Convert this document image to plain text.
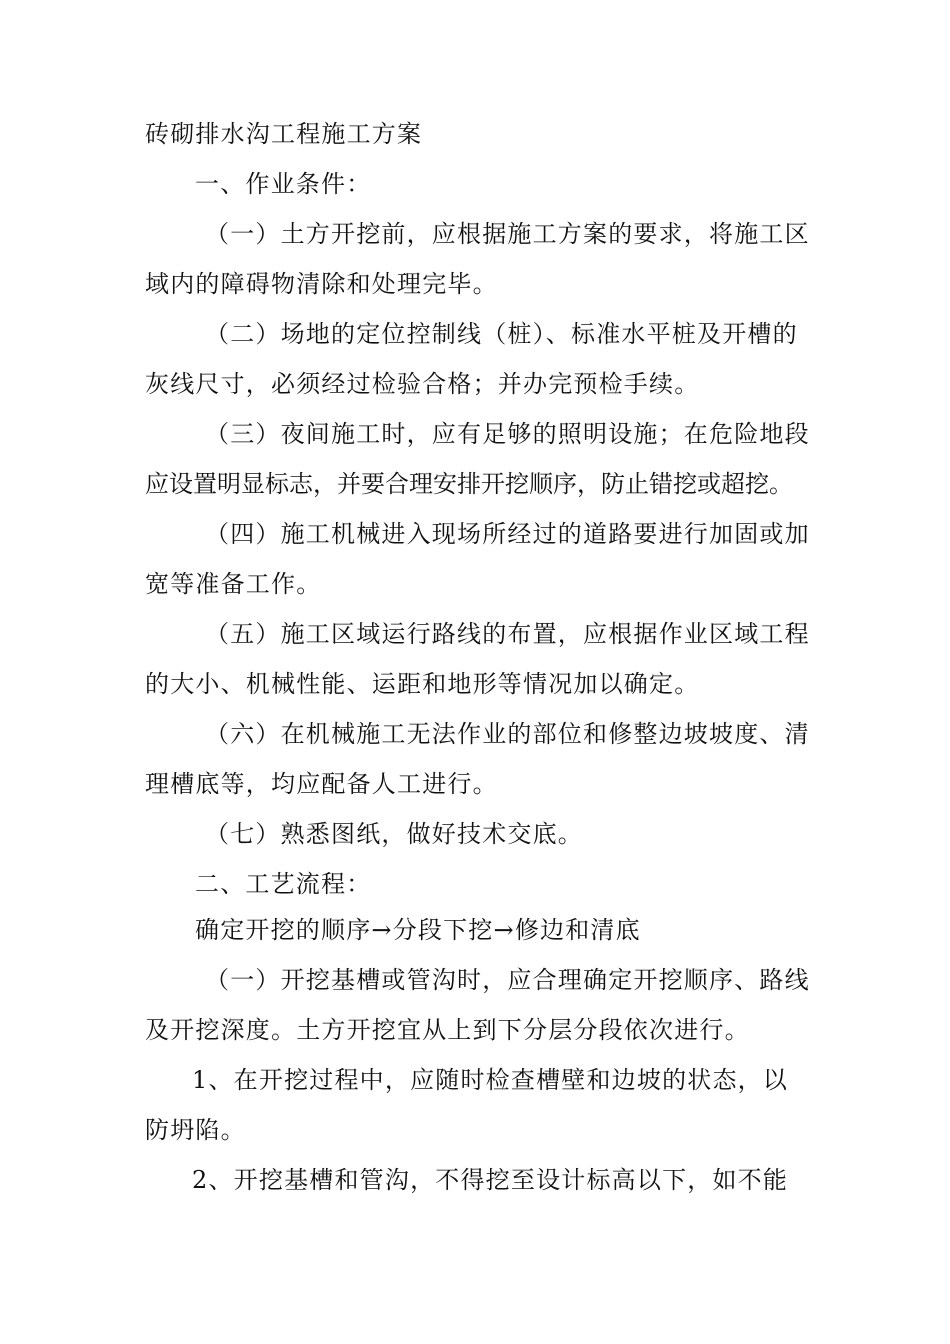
砖砌排水沟工程施工方案
一、作业条件：
（一）土方开挖前，应根据施工方案的要求，将施工区
域内的障碍物清除和处理完毕。
（二）场地的定位控制线（桩）、标准水平桩及开槽的
灰线尺寸，必须经过检验合格；并办完预检手续。
（三）夜间施工时，应有足够的照明设施；在危险地段
应设置明显标志，并要合理安排开挖顺序，防止错挖或超挖。
（四）施工机械进入现场所经过的道路要进行加固或加
宽等准备工作。
（五）施工区域运行路线的布置，应根据作业区域工程
的大小、机械性能、运距和地形等情况加以确定。
（六）在机械施工无法作业的部位和修整边坡坡度、清
理槽底等，均应配备人工进行。
（七）熟悉图纸，做好技术交底。
二、工艺流程：
确定开挖的顺序→分段下挖→修边和清底
（一）开挖基槽或管沟时，应合理确定开挖顺序、路线
及开挖深度。土方开挖宜从上到下分层分段依次进行。
1、在开挖过程中，应随时检查槽壁和边坡的状态，以
防坍陷。
2、开挖基槽和管沟，不得挖至设计标高以下，如不能
